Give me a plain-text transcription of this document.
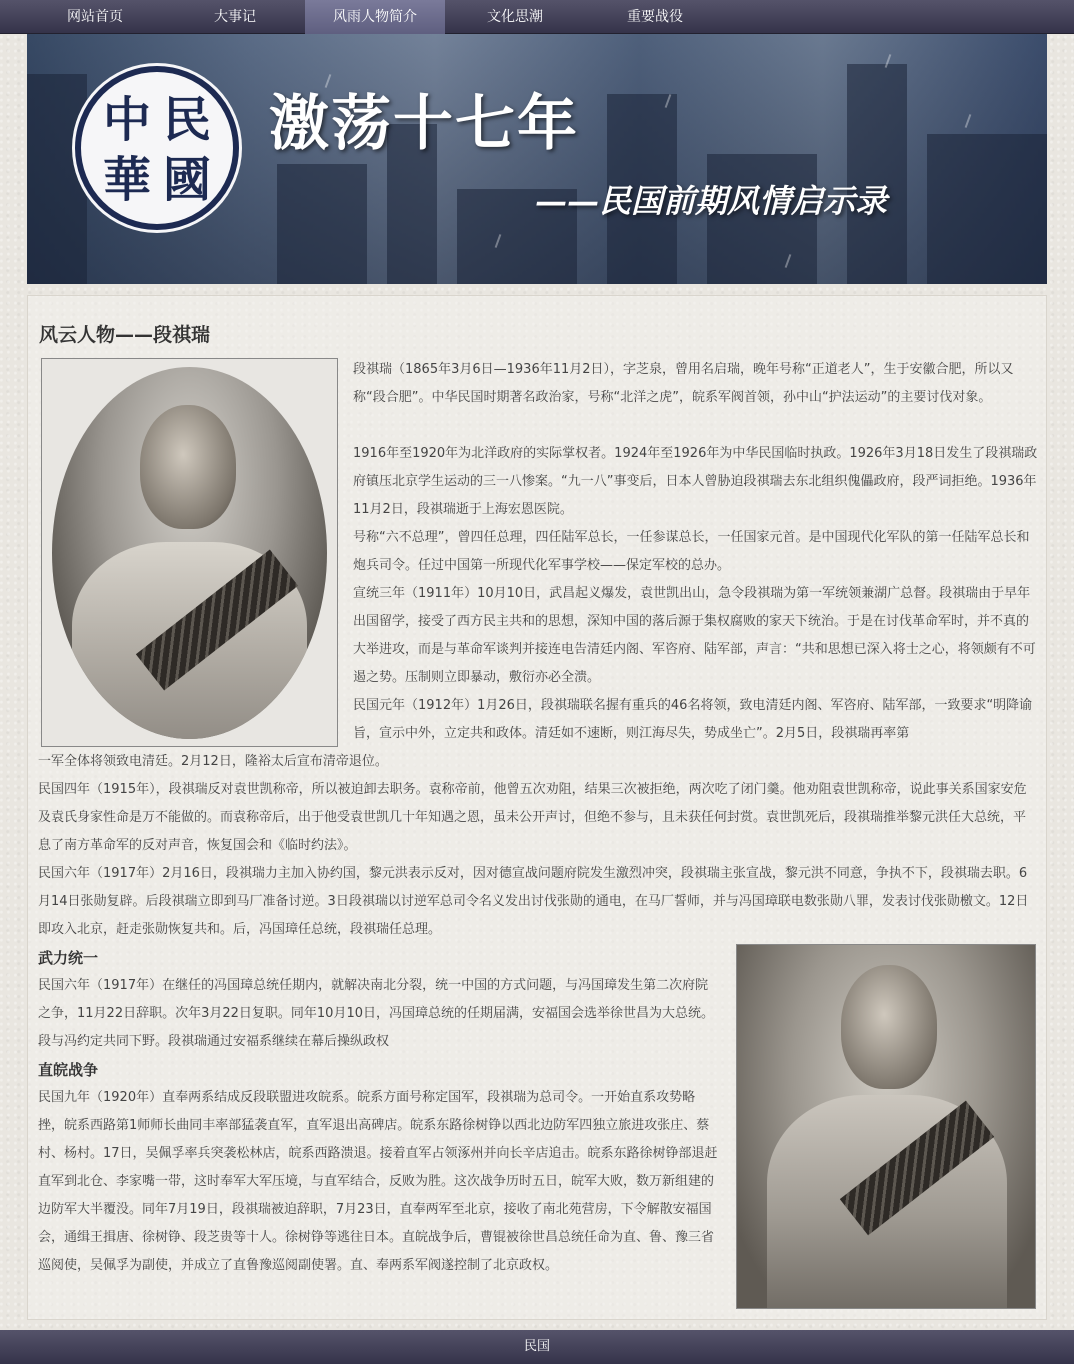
网站首页	大事记	风雨人物简介	文化思潮	重要战役
中 民
華 國
激荡十七年
——民国前期风情启示录
风云人物——段祺瑞
段祺瑞（1865年3月6日—1936年11月2日），字芝泉，曾用名启瑞，晚年号称“正道老人”，生于安徽合肥，所以又称“段合肥”。中华民国时期著名政治家，号称“北洋之虎”，皖系军阀首领，孙中山“护法运动”的主要讨伐对象。
1916年至1920年为北洋政府的实际掌权者。1924年至1926年为中华民国临时执政。1926年3月18日发生了段祺瑞政府镇压北京学生运动的三一八惨案。“九一八”事变后，日本人曾胁迫段祺瑞去东北组织傀儡政府，段严词拒绝。1936年11月2日，段祺瑞逝于上海宏恩医院。
号称“六不总理”，曾四任总理，四任陆军总长，一任参谋总长，一任国家元首。是中国现代化军队的第一任陆军总长和炮兵司令。任过中国第一所现代化军事学校——保定军校的总办。
宣统三年（1911年）10月10日，武昌起义爆发，袁世凯出山，急令段祺瑞为第一军统领兼湖广总督。段祺瑞由于早年出国留学，接受了西方民主共和的思想，深知中国的落后源于集权腐败的家天下统治。于是在讨伐革命军时，并不真的大举进攻，而是与革命军谈判并接连电告清廷内阁、军咨府、陆军部，声言：“共和思想已深入将士之心，将领颇有不可遏之势。压制则立即暴动，敷衍亦必全溃。
民国元年（1912年）1月26日，段祺瑞联名握有重兵的46名将领，致电清廷内阁、军咨府、陆军部，一致要求“明降谕旨，宣示中外，立定共和政体。清廷如不速断，则江海尽失，势成坐亡”。2月5日，段祺瑞再率第
一军全体将领致电清廷。2月12日，隆裕太后宣布清帝退位。
民国四年（1915年），段祺瑞反对袁世凯称帝，所以被迫卸去职务。袁称帝前，他曾五次劝阻，结果三次被拒绝，两次吃了闭门羹。他劝阻袁世凯称帝，说此事关系国家安危及袁氏身家性命是万不能做的。而袁称帝后，出于他受袁世凯几十年知遇之恩，虽未公开声讨，但绝不参与，且未获任何封赏。袁世凯死后，段祺瑞推举黎元洪任大总统，平息了南方革命军的反对声音，恢复国会和《临时约法》。
民国六年（1917年）2月16日，段祺瑞力主加入协约国，黎元洪表示反对，因对德宣战问题府院发生激烈冲突，段祺瑞主张宣战，黎元洪不同意，争执不下，段祺瑞去职。6月14日张勋复辟。后段祺瑞立即到马厂准备讨逆。3日段祺瑞以讨逆军总司令名义发出讨伐张勋的通电，在马厂誓师，并与冯国璋联电数张勋八罪，发表讨伐张勋檄文。12日即攻入北京，赶走张勋恢复共和。后，冯国璋任总统，段祺瑞任总理。
武力统一
民国六年（1917年）在继任的冯国璋总统任期内，就解决南北分裂，统一中国的方式问题，与冯国璋发生第二次府院之争，11月22日辞职。次年3月22日复职。同年10月10日，冯国璋总统的任期届满，安福国会选举徐世昌为大总统。段与冯约定共同下野。段祺瑞通过安福系继续在幕后操纵政权
直皖战争
民国九年（1920年）直奉两系结成反段联盟进攻皖系。皖系方面号称定国军，段祺瑞为总司令。一开始直系攻势略挫，皖系西路第1师师长曲同丰率部猛袭直军，直军退出高碑店。皖系东路徐树铮以西北边防军四独立旅进攻张庄、蔡村、杨村。17日，吴佩孚率兵突袭松林店，皖系西路溃退。接着直军占领涿州并向长辛店追击。皖系东路徐树铮部退赶直军到北仓、李家嘴一带，这时奉军大军压境，与直军结合，反败为胜。这次战争历时五日，皖军大败，数万新组建的边防军大半覆没。同年7月19日，段祺瑞被迫辞职，7月23日，直奉两军至北京，接收了南北苑营房，下令解散安福国会，通缉王揖唐、徐树铮、段芝贵等十人。徐树铮等逃往日本。直皖战争后，曹锟被徐世昌总统任命为直、鲁、豫三省巡阅使，吴佩孚为副使，并成立了直鲁豫巡阅副使署。直、奉两系军阀遂控制了北京政权。
民国
